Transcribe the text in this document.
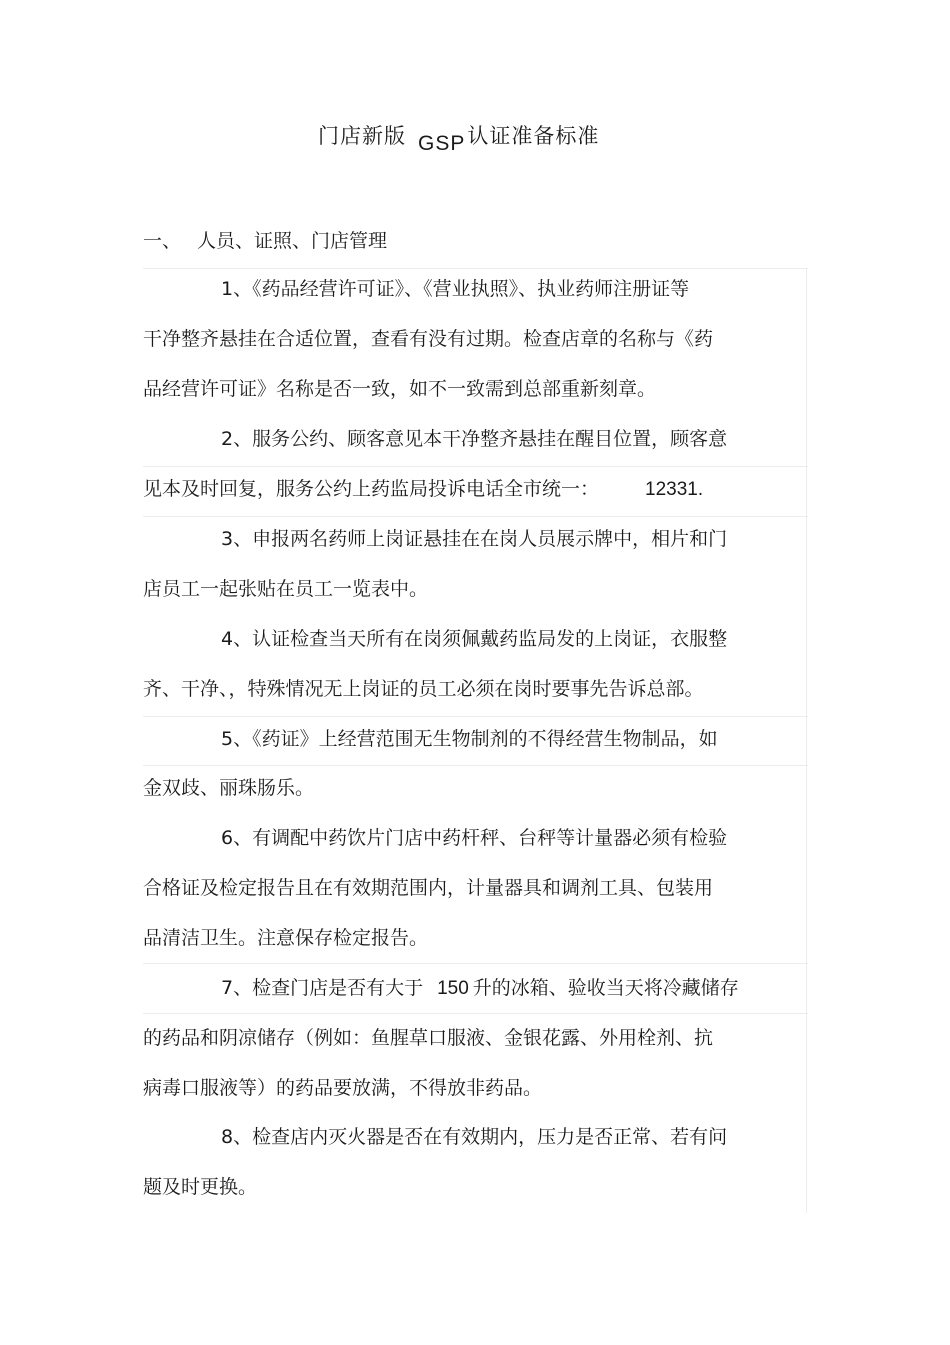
门店新版 GSP认证准备标准
一、 人员、证照、门店管理
1、《药品经营许可证》、《营业执照》、执业药师注册证等
干净整齐悬挂在合适位置，查看有没有过期。检查店章的名称与《药
品经营许可证》名称是否一致，如不一致需到总部重新刻章。
2、服务公约、顾客意见本干净整齐悬挂在醒目位置，顾客意
见本及时回复，服务公约上药监局投诉电话全市统一： 12331.
3、申报两名药师上岗证悬挂在在岗人员展示牌中，相片和门
店员工一起张贴在员工一览表中。
4、认证检查当天所有在岗须佩戴药监局发的上岗证，衣服整
齐、干净、，特殊情况无上岗证的员工必须在岗时要事先告诉总部。
5、《药证》上经营范围无生物制剂的不得经营生物制品，如
金双歧、丽珠肠乐。
6、有调配中药饮片门店中药杆秤、台秤等计量器必须有检验
合格证及检定报告且在有效期范围内，计量器具和调剂工具、包装用
品清洁卫生。注意保存检定报告。
7、检查门店是否有大于 150 升的冰箱、验收当天将冷藏储存
的药品和阴凉储存（例如：鱼腥草口服液、金银花露、外用栓剂、抗
病毒口服液等）的药品要放满，不得放非药品。
8、检查店内灭火器是否在有效期内，压力是否正常、若有问
题及时更换。
